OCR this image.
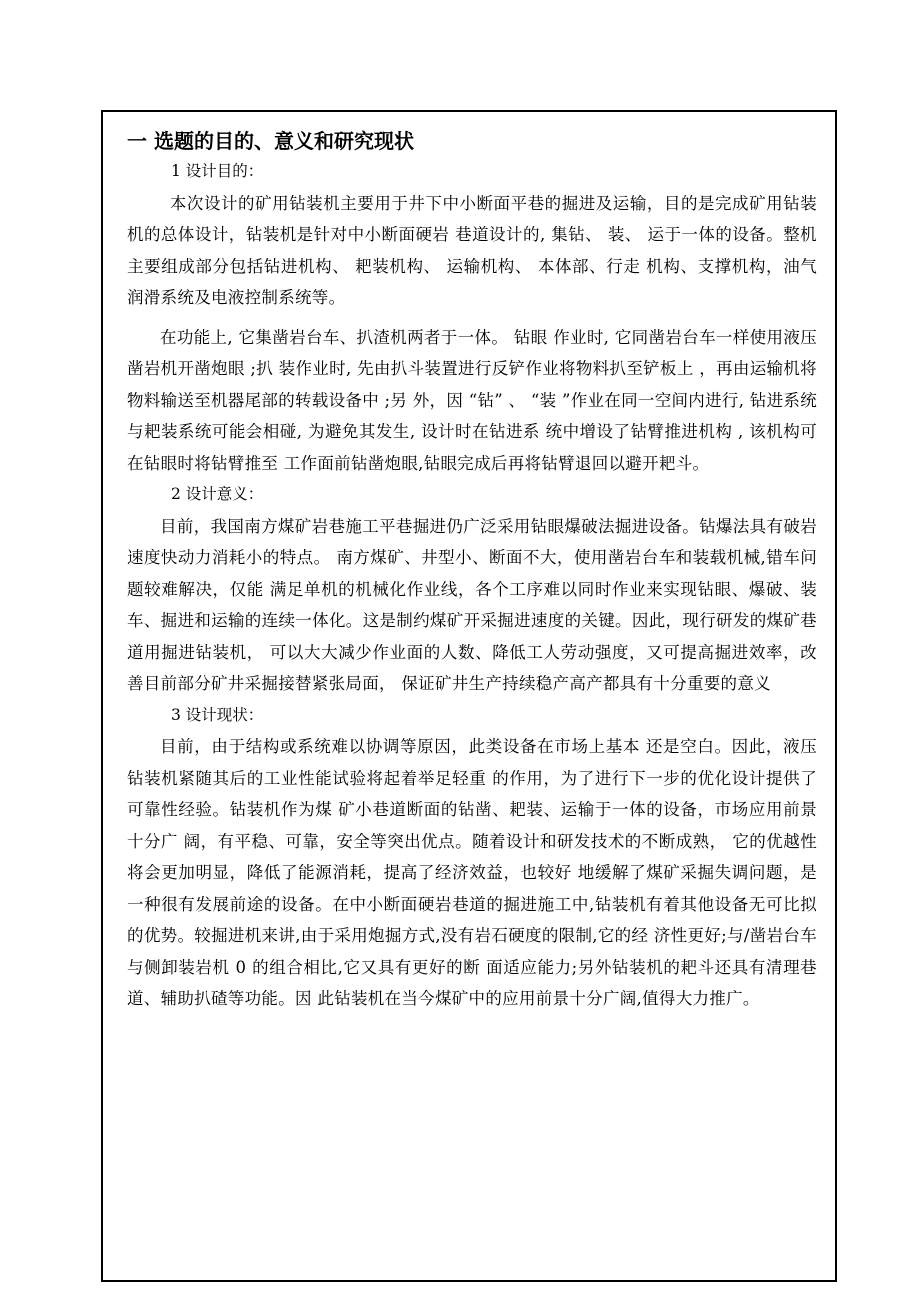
一 选题的目的、意义和研究现状

1 设计目的：

本次设计的矿用钻装机主要用于井下中小断面平巷的掘进及运输，目的是完成矿用钻装机的总体设计，钻装机是针对中小断面硬岩 巷道设计的, 集钻、 装、 运于一体的设备。整机主要组成部分包括钻进机构、 耙装机构、 运输机构、 本体部、行走 机构、支撑机构，油气润滑系统及电液控制系统等。

在功能上, 它集凿岩台车、扒渣机两者于一体。 钻眼 作业时, 它同凿岩台车一样使用液压凿岩机开凿炮眼 ;扒 装作业时, 先由扒斗装置进行反铲作业将物料扒至铲板上 ，再由运输机将物料输送至机器尾部的转载设备中 ;另 外，因 “钻” 、 “装 ”作业在同一空间内进行, 钻进系统 与耙装系统可能会相碰, 为避免其发生, 设计时在钻进系 统中增设了钻臂推进机构 , 该机构可在钻眼时将钻臂推至 工作面前钻凿炮眼,钻眼完成后再将钻臂退回以避开耙斗。

2 设计意义：

目前，我国南方煤矿岩巷施工平巷掘进仍广泛采用钻眼爆破法掘进设备。钻爆法具有破岩速度快动力消耗小的特点。 南方煤矿、井型小、断面不大，使用凿岩台车和装载机械,错车问题较难解决，仅能 满足单机的机械化作业线，各个工序难以同时作业来实现钻眼、爆破、装车、掘进和运输的连续一体化。这是制约煤矿开采掘进速度的关键。因此，现行研发的煤矿巷道用掘进钻装机， 可以大大减少作业面的人数、降低工人劳动强度，又可提高掘进效率，改善目前部分矿井采掘接替紧张局面， 保证矿井生产持续稳产高产都具有十分重要的意义

3 设计现状：

目前，由于结构或系统难以协调等原因，此类设备在市场上基本 还是空白。因此，液压钻装机紧随其后的工业性能试验将起着举足轻重 的作用，为了进行下一步的优化设计提供了可靠性经验。钻装机作为煤 矿小巷道断面的钻凿、耙装、运输于一体的设备，市场应用前景十分广 阔，有平稳、可靠，安全等突出优点。随着设计和研发技术的不断成熟， 它的优越性将会更加明显，降低了能源消耗，提高了经济效益，也较好 地缓解了煤矿采掘失调问题，是一种很有发展前途的设备。在中小断面硬岩巷道的掘进施工中,钻装机有着其他设备无可比拟 的优势。较掘进机来讲,由于采用炮掘方式,没有岩石硬度的限制,它的经 济性更好;与/凿岩台车与侧卸装岩机 0 的组合相比,它又具有更好的断 面适应能力;另外钻装机的耙斗还具有清理巷道、辅助扒碴等功能。因 此钻装机在当今煤矿中的应用前景十分广阔,值得大力推广。
